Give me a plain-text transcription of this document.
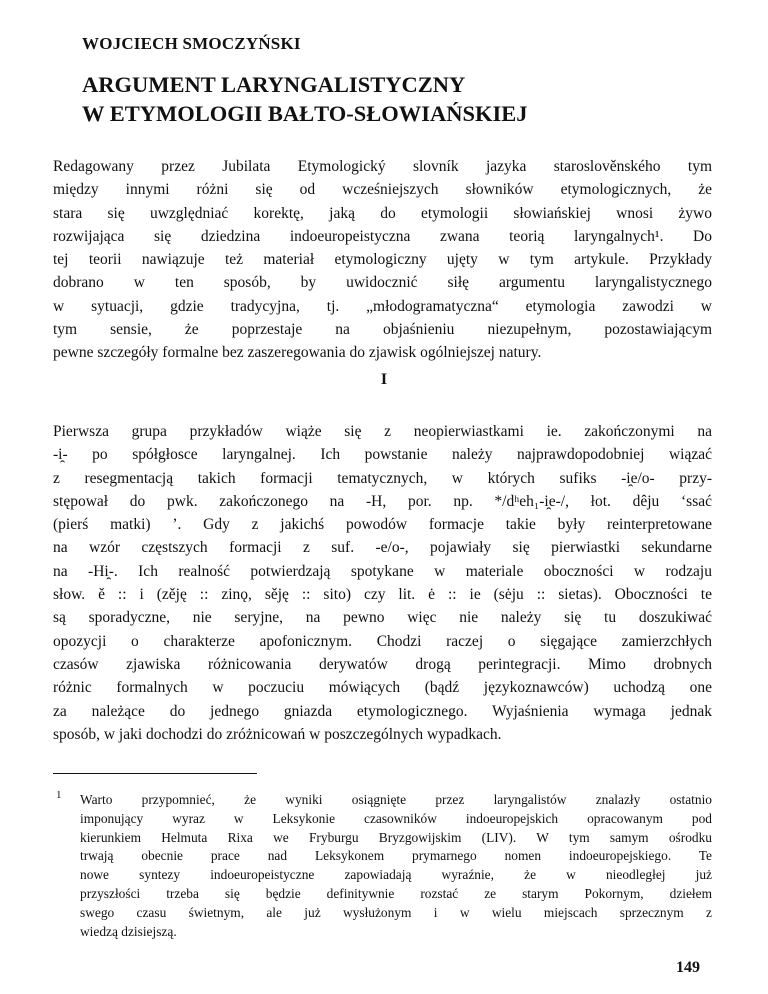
WOJCIECH SMOCZYŃSKI
ARGUMENT LARYNGALISTYCZNY
W ETYMOLOGII BAŁTO-SŁOWIAŃSKIEJ
Redagowany przez Jubilata Etymologický slovník jazyka staroslověnského tym
między innymi różni się od wcześniejszych słowników etymologicznych, że
stara się uwzględniać korektę, jaką do etymologii słowiańskiej wnosi żywo
rozwijająca się dziedzina indoeuropeistyczna zwana teorią laryngalnych¹. Do
tej teorii nawiązuje też materiał etymologiczny ujęty w tym artykule. Przykłady
dobrano w ten sposób, by uwidocznić siłę argumentu laryngalistycznego
w sytuacji, gdzie tradycyjna, tj. „młodogramatyczna“ etymologia zawodzi w
tym sensie, że poprzestaje na objaśnieniu niezupełnym, pozostawiającym
pewne szczegóły formalne bez zaszeregowania do zjawisk ogólniejszej natury.
I
Pierwsza grupa przykładów wiąże się z neopierwiastkami ie. zakończonymi na
-i̯- po spółgłosce laryngalnej. Ich powstanie należy najprawdopodobniej wiązać
z resegmentacją takich formacji tematycznych, w których sufiks -i̯e/o- przy-
stępował do pwk. zakończonego na -H, por. np. */dʰeh₁-i̯e-/, łot. dêju ‘ssać
(pierś matki) ’. Gdy z jakichś powodów formacje takie były reinterpretowane
na wzór częstszych formacji z suf. -e/o-, pojawiały się pierwiastki sekundarne
na -Hi̯-. Ich realność potwierdzają spotykane w materiale oboczności w rodzaju
słow. ě :: i (zěję :: zinǫ, sěję :: sito) czy lit. ė :: ie (sėju :: sietas). Oboczności te
są sporadyczne, nie seryjne, na pewno więc nie należy się tu doszukiwać
opozycji o charakterze apofonicznym. Chodzi raczej o sięgające zamierzchłych
czasów zjawiska różnicowania derywatów drogą perintegracji. Mimo drobnych
różnic formalnych w poczuciu mówiących (bądź językoznawców) uchodzą one
za należące do jednego gniazda etymologicznego. Wyjaśnienia wymaga jednak
sposób, w jaki dochodzi do zróżnicowań w poszczególnych wypadkach.
1 Warto przypomnieć, że wyniki osiągnięte przez laryngalistów znalazły ostatnio
imponujący wyraz w Leksykonie czasowników indoeuropejskich opracowanym pod
kierunkiem Helmuta Rixa we Fryburgu Bryzgowijskim (LIV). W tym samym ośrodku
trwają obecnie prace nad Leksykonem prymarnego nomen indoeuropejskiego. Te
nowe syntezy indoeuropeistyczne zapowiadają wyraźnie, że w nieodległej już
przyszłości trzeba się będzie definitywnie rozstać ze starym Pokornym, dziełem
swego czasu świetnym, ale już wysłużonym i w wielu miejscach sprzecznym z
wiedzą dzisiejszą.
149
